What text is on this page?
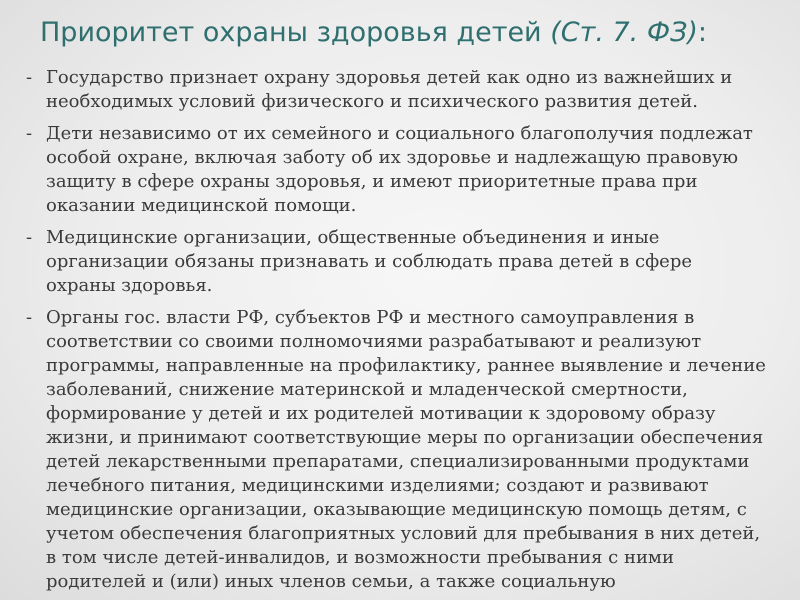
Приоритет охраны здоровья детей (Ст. 7. ФЗ):
- Государство признает охрану здоровья детей как одно из важнейших и необходимых условий физического и психического развития детей.
- Дети независимо от их семейного и социального благополучия подлежат особой охране, включая заботу об их здоровье и надлежащую правовую защиту в сфере охраны здоровья, и имеют приоритетные права при оказании медицинской помощи.
- Медицинские организации, общественные объединения и иные организации обязаны признавать и соблюдать права детей в сфере охраны здоровья.
- Органы гос. власти РФ, субъектов РФ и местного самоуправления в соответствии со своими полномочиями разрабатывают и реализуют программы, направленные на профилактику, раннее выявление и лечение заболеваний, снижение материнской и младенческой смертности, формирование у детей и их родителей мотивации к здоровому образу жизни, и принимают соответствующие меры по организации обеспечения детей лекарственными препаратами, специализированными продуктами лечебного питания, медицинскими изделиями; создают и развивают медицинские организации, оказывающие медицинскую помощь детям, с учетом обеспечения благоприятных условий для пребывания в них детей, в том числе детей-инвалидов, и возможности пребывания с ними родителей и (или) иных членов семьи, а также социальную
